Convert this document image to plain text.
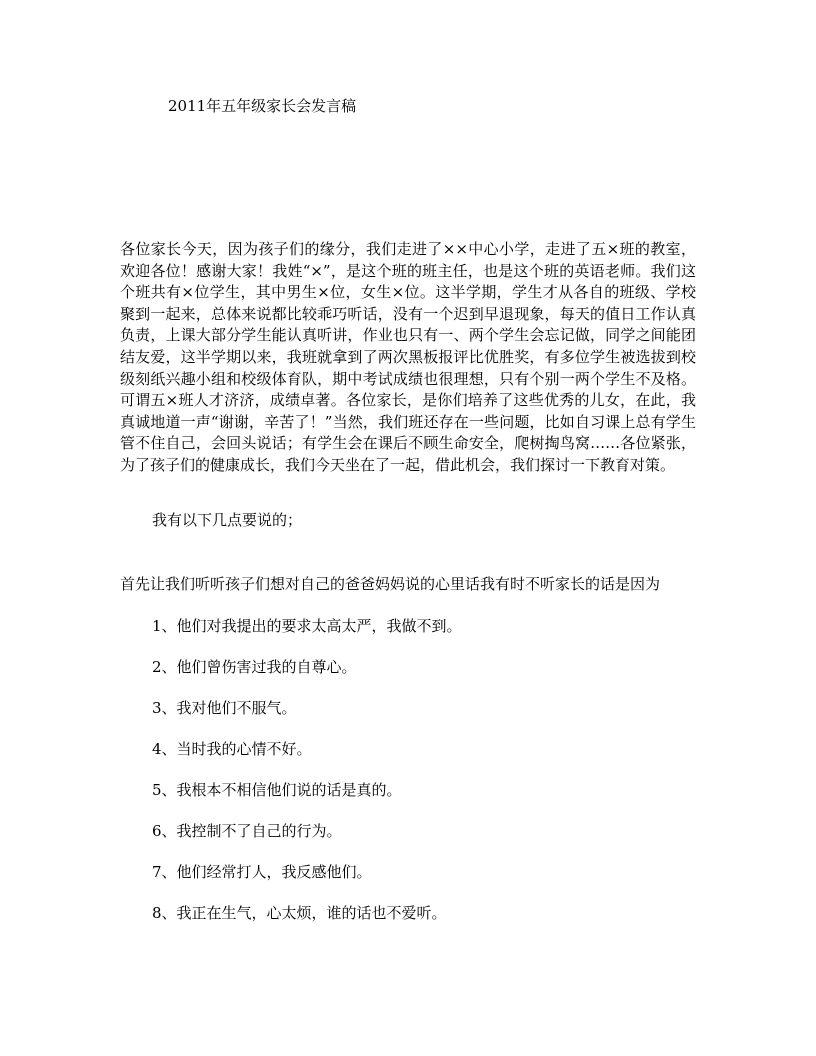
2011年五年级家长会发言稿

各位家长今天，因为孩子们的缘分，我们走进了××中心小学，走进了五×班的教室，欢迎各位！感谢大家！我姓“×”，是这个班的班主任，也是这个班的英语老师。我们这个班共有×位学生，其中男生×位，女生×位。这半学期，学生才从各自的班级、学校聚到一起来，总体来说都比较乖巧听话，没有一个迟到早退现象，每天的值日工作认真负责，上课大部分学生能认真听讲，作业也只有一、两个学生会忘记做，同学之间能团结友爱，这半学期以来，我班就拿到了两次黑板报评比优胜奖，有多位学生被选拔到校级刻纸兴趣小组和校级体育队，期中考试成绩也很理想，只有个别一两个学生不及格。可谓五×班人才济济，成绩卓著。各位家长，是你们培养了这些优秀的儿女，在此，我真诚地道一声“谢谢，辛苦了！”当然，我们班还存在一些问题，比如自习课上总有学生管不住自己，会回头说话；有学生会在课后不顾生命安全，爬树掏鸟窝……各位紧张，为了孩子们的健康成长，我们今天坐在了一起，借此机会，我们探讨一下教育对策。

我有以下几点要说的；
首先让我们听听孩子们想对自己的爸爸妈妈说的心里话我有时不听家长的话是因为
1、他们对我提出的要求太高太严，我做不到。
2、他们曾伤害过我的自尊心。
3、我对他们不服气。
4、当时我的心情不好。
5、我根本不相信他们说的话是真的。
6、我控制不了自己的行为。
7、他们经常打人，我反感他们。
8、我正在生气，心太烦，谁的话也不爱听。
